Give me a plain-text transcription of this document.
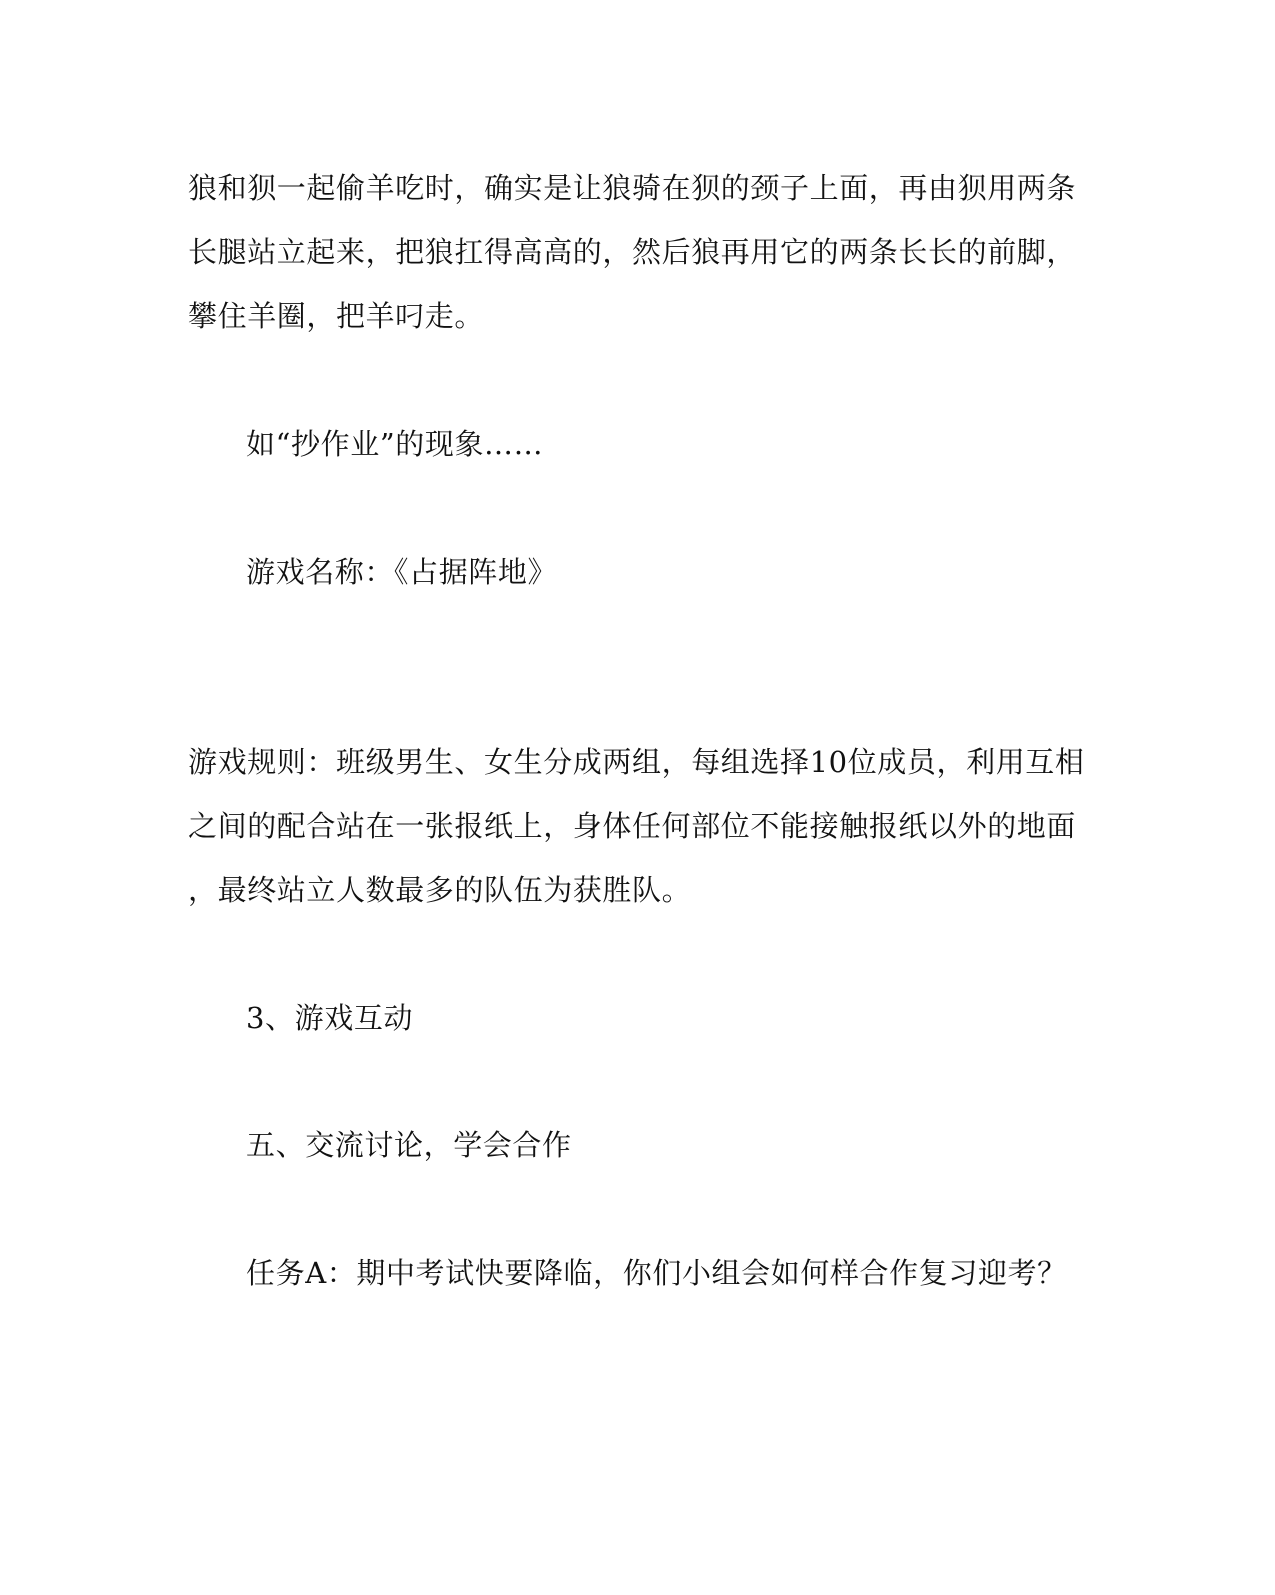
狼和狈一起偷羊吃时，确实是让狼骑在狈的颈子上面，再由狈用两条
长腿站立起来，把狼扛得高高的，然后狼再用它的两条长长的前脚，
攀住羊圈，把羊叼走。
如“抄作业”的现象……
游戏名称：《占据阵地》
游戏规则：班级男生、女生分成两组，每组选择10位成员，利用互相
之间的配合站在一张报纸上，身体任何部位不能接触报纸以外的地面
，最终站立人数最多的队伍为获胜队。
3、游戏互动
五、交流讨论，学会合作
任务A：期中考试快要降临，你们小组会如何样合作复习迎考？
